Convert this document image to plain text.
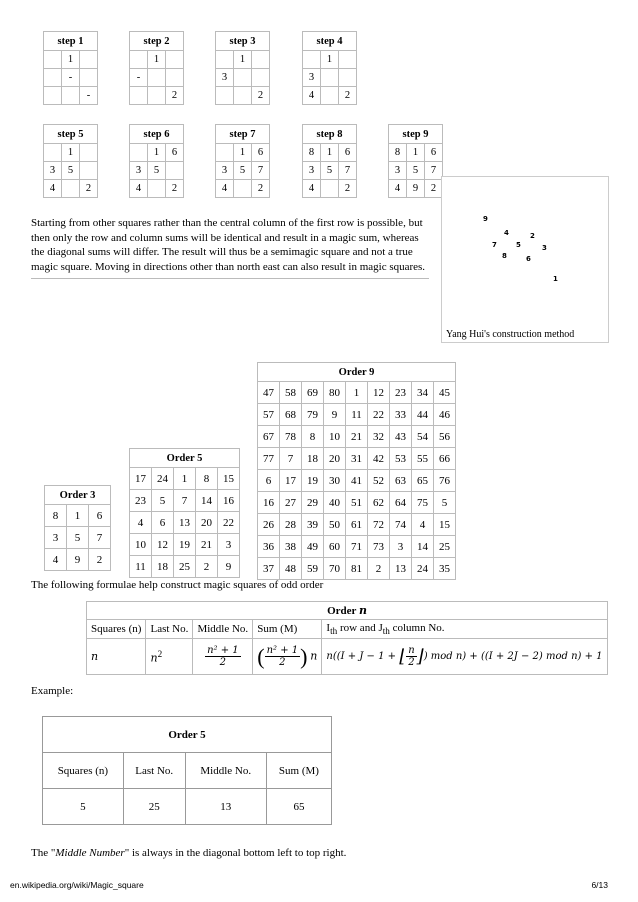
step 1		
	1	
	-	
		-
step 2		
	1	
-		
		2
step 3		
	1	
3		
		2
step 4		
	1	
3		
4		2
step 5		
	1	
3	5	
4		2
step 6		
	1	6
3	5	
4		2
step 7		
	1	6
3	5	7
4		2
step 8		
8	1	6
3	5	7
4		2
step 9		
8	1	6
3	5	7
4	9	2

Starting from other squares rather than the central column of the first row is possible, but then only the row and column sums will be identical and result in a magic sum, whereas the diagonal sums will differ. The result will thus be a semimagic square and not a true magic square. Moving in directions other than north east can also result in magic squares.

9
4	2
7	5	3
8	6
1
Yang Hui's construction method
Order 3		
8	1	6
3	5	7
4	9	2
Order 5				
17	24	1	8	15
23	5	7	14	16
4	6	13	20	22
10	12	19	21	3
11	18	25	2	9
Order 9								
47	58	69	80	1	12	23	34	45
57	68	79	9	11	22	33	44	46
67	78	8	10	21	32	43	54	56
77	7	18	20	31	42	53	55	66
6	17	19	30	41	52	63	65	76
16	27	29	40	51	62	64	75	5
26	28	39	50	61	72	74	4	15
36	38	49	60	71	73	3	14	25
37	48	59	70	81	2	13	24	35

The following formulae help construct magic squares of odd order

Order n				
Squares (n)	Last No.	Middle No.	Sum (M)	$I_{th}$ row and $J_{th}$ column No.
n	$n^2$	$\frac{\text{n² + 1}}{2}$	( $\frac{\text{n² + 1}}{2}$ ) n	n((I + J − 1 + ⌊ $\frac{n}{2}$ ⌋) mod n) + ((I + 2J − 2) mod n) + 1

Example:

Order 5			
Squares (n)	Last No.	Middle No.	Sum (M)
5	25	13	65

The "Middle Number" is always in the diagonal bottom left to top right.

en.wikipedia.org/wiki/Magic_square	6/13
